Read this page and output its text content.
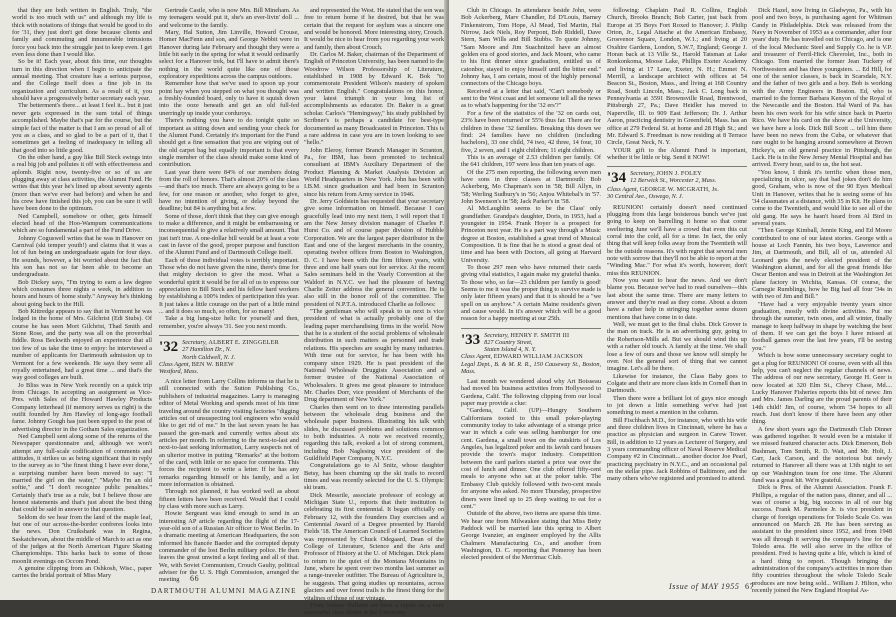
that they are both written in English. Truly, "the world is too much with us" and although my life is thick with notations of things that would be good to do for '31, they just don't get done because clients and family and commuting and innumerable intrusions force you back into the struggle just to keep even. I get even less done than I would like.

So be it! Each year, about this time, our thoughts turn in this direction when I begin to anticipate the annual meeting. That creature has a serious purpose, and the College itself does a fine job in its organization and curriculum. As a result of it, you should have a progressively better secretary each year.

The betterment's there... at least I feel it... but it just never gets expressed in the sum total of things accomplished. Maybe that's par for the course, but the simple fact of the matter is that I am so proud of all of you as a class, and so glad to be a part of it, that I sometimes get a feeling of inadequacy in telling all that good into so little good.

On the other hand, a guy like Bill Steck swings into a real big job and pollutes it off with effectiveness and aplomb. Right now, twenty-five or so of us are plugging away at class activities, the Alumni Fund. He writes that this year he's lined up about seventy agents (more than we've ever had before) and when he and his crew have finished this job, you can be sure it will have been done to the optimum.

Ned Campbell, somehow or other, gets himself elected head of the Hoo-Wampum communications which are so fundamental a part of the Fund Drive.

Johnny Coguswell writes that he was in Hanover on Carnival (ski temper youth!) and claims that it was a lot of fun being an undergraduate again for four days. He sounds, however, a bit worried about the fact that his son has not so far been able to become an undergraduate.

Bob Dickey says, "I'm trying to earn a law degree which consumes three nights a week, in addition to hours and hours of home study." Anyway he's thinking about going back to the Hill.

Bob Kittredge appears to say that in Vermont he was lodged in the home of Mrs. Gilchrist (Edi Stubs). Of course he has seen Mort Gilchrist, Thad Smith and Stone Rose, and the party was all on the proverbial fiddle. Ross Beckwith enjoyed an experience that all too few of us take the time to enjoy: he interviewed a number of applicants for Dartmouth admission up to Vermont for a few weekends. He says they were all royally entertained, had a great time ... and that's the way good colleges are built.

Jo Bliss was in New York recently on a quick trip from Chicago. In accepting an assignment as Vice-Pres. with Sales of the Howard Hawley Products Company letterhead (if memory serves us right) is the outfit founded by Jim Hawley of long-ago football fame. Johnny Gough has just been upped to the post of advertising director in the Gotham Sales organization.

Ned Campbell sent along some of the returns of the Newspaper questionnaire and, although we won't attempt any full-scale codification of comments and attitudes, it strikes us as being significant that in reply to the survey as to "the finest thing I have ever done," a surprising number have been moved to say: "I married the girl on the water," "Maybe I'm an old softie," and "I don't recognize public penalties." Certainly that's true as a rule, but I believe those are honest statements and that's just about the best thing that could be said in answer to that question.

Seldom do we hear from the land of the maple leaf, but one of our across-the-border confreres looks into the news. Don Cruikshank was in Regina, Saskatchewan, about the middle of March to act as one of the judges at the North American Figure Skating Championships. This harks back to some of those moonlit evenings on Occom Pond.

A genuine clipping from an Oshkosh, Wisc., paper carries the bridal portrait of Miss Mary

Gertrude Castle, who is now Mrs. Bill Mineham. As my teenagers would put it, she's an ever-livin' doll ... and welcome to the family.

Mary, Hal Sutton, Jim Linville, Howard Crouse, Homer MacFenn and son, and George Nebbit were in Hanover during late February and thought they were a little bit early in the spring for what it would ordinarily select for a Hanover trek, but I'll have to admit there's nothing in the world quite like one of those exploratory expeditions across the campus outdoors.

Remember how that we've used to spoon up your point hay when you stepped on what you thought was a freshly-founded board, only to have it squish down into the ooze beneath and get an old full-fed unerringly up inside your corduroys.

There's nothing you have to do tonight quite so important as sitting down and sending your check for the Alumni Fund. Certainly it's important for the Fund should get a fine sensation that you are wiping out of the old carpet bag but equally important is that every single member of the class should make some kind of contribution.

Last year there were 84% of our members doing from the roll of honors. That's almost 20% of the class—and that's too much. There are always going to be a few, for one reason or another, who forget to give, have no intention of giving, or delay beyond the deadline; but 84 is anything but a few.

Some of those, don't think that they can give enough to make a difference, and it might be embarrassing or inconsequential to give a relatively small amount. That just isn't true. A one-dollar bill would be at least a vote cast in favor of the good, proper purpose and function of the Alumni Fund and of Dartmouth College itself.

Each of those individual votes is terribly important. Those who do not have given the nine, there's time for that mighty decision to give the most. What a wonderful spirit it would be for all of us to express our appreciation to Bill Steck and his fellow hard workers by establishing a 100% index of participation this year. It just takes a little courage on the part of a little mind ... and it does so much, so often, for so many!

Take a big lung-size helic for yourself and then, remember, you're always '31. See you next month.

'32 Secretary, ALBERT E. ZINGGELER
27 Hamilton Dr., N.
North Caldwell, N. J.
Class Agent, BEN W. BREW
Westford, Mass.

A nice letter from Larry Collins informs us that he is still connected with the Sutton Publishing Co., publishers of industrial magazines. Larry is managing editor of Metal Working and spends most of his time traveling around the country visiting factories "digging articles out of unsuspecting tool engineers who would like to get rid of me." In the last seven years he has passed the gon-mark and currently writes about six articles per month. In referring to the next-to-last and next-to-last seeking information, Larry suspects not of an ulterior motive in putting "Remarks" at the bottom of the card, with little or no space for comments. This forces the recipient to write a letter. If he has any remarks regarding himself or his family, and a lot more information is obtained.

Through not planned, it has worked well as about fifteen letters have been received. Would that I could by class with more such as Larry.

Howie Sergeant was kind enough to send in an interesting AP article regarding the flight of the 17-year-old son of a Russian Air officer to West Berlin. In a dramatic meeting at American Headquarters, the son informed his fiancée Baeder and the corrupted deputy commander of the lost Berlin military police. He then leaves the great unwind a kept feeling and all of that. We, with Soviet Communism, Crouch Gaulty, political adviser for the U. S. High Commission, arranged the meeting

and represented the West. He stated that the son was free to return home if he desired, but that he was certain that the request for asylum was a sincere one and would be honored. More interesting story, Crouch. It would be nice to hear from you regarding your work and family, then about Crouch.

Dr. Carlos M. Baker, chairman of the Department of English of Princeton University, has been named to the Woodrow Wilson Professorship of Literature, established in 1908 by Edward K. Bok "to commemorate President Wilson's mastery of spoken and written English." Congratulations on this honor, your latest triumph in your long list of accomplishments as educator. Dr. Baker is a great scholar. Carlos's "Hemingway," his study published by Scribner's is perhaps a candidate for best-type documented as many Broadcasted in Princeton. This is a rare address in case you are in town looking to see "hello."

John Eleroy, former Branch Manager in Scranton, Pa., for IBM, has been promoted to technical consultant at IBM's Auxiliary Department of the Product Planning & Market Analysis Division at World Headquarters in New York. John has been with I.B.M. since graduation and had been in Scranton since his return from Army service in 1946.

Dr. Jerry Goldstein has requested that your secretary give some information on himself. Because I can gracefully lead into my next item, I will report that I am the New Jersey division manager of Charles F. Hurst Co. and of course paper division of Hubble Corporation. We are the largest paper distributor in the East and one of the largest merchants in the country, operating twelve offices from Boston to Washington, D. C. I have been with the firm fifteen years, with three and one half years out for service. At the recent Sales seminars held in the Yearly Convention at the Waldorf in N.Y.C. we had the pleasure of having Charlie Zeiter address the general convention. He is also still in the honor roll of the committee. The president of N.P.T.A. introduced Charlie as follows:

"The gentleman who will speak to us next is vice president of what is actually probably one of the leading paper merchandising firms in the world. Now that he is a student of the social problems of wholesale distribution in such matters as personnel and trade relations. His speeches are sought by many industries. With time out for service, he has been with his company since 1929. He is past president of the National Wholesale Druggists Association and a former trustee of the National Association of Wholesalers. It gives me great pleasure to introduce Mr. Charles Dorr, vice president of Merchants of the Drug department of New York."

Charles then went on to draw interesting parallels between the wholesale drug business and the wholesale paper business. Illustrating his talk with slides, he discussed problems and solutions common to both industries. A note we received recently, regarding this talk, evoked a lot of strong comment, including Bob Naglesing vice president of the Guildfield Paper Company, N.Y.C.

Congratulations go to Al Snitz, whose daughter Betsy, has been chuming up the ski trails to record times and was recently selected for the U. S. Olympic ski team.

Dick Messrile, associate professor of ecology at Michigan State U., reports that their institution is celebrating its first centennial. It began officially on February 12, with the founders Day exercises and a Centennial Award of a Degree presented by Harold Fields '18. The American Council of Learned Societies was represented by Chuck Odegaard, Dean of the College of Literature, Science and the Arts and Professor of History at the U. of Michigan. Dick plans to return to the quiet of the Montana Mountains in June, where he spent over two months last summer as a range-traveler outfitter. The Bureau of Agriculture is, he suggests. That going studies up mountains, across glaciers and over forest trails is the finest thing for the vitalines of those of our vintage.

From Johnny Hallerm we have a report on a very successful class dinner at the University

66
DARTMOUTH ALUMNI MAGAZINE

Club in Chicago. In attendance beside John, were Bob Ackerberg, Marv Chandler, Ed D'Louis, Barney Finkenstrom, Tom Hope, Al Mead, Ted Martin, Hal Nirrow, Jack Niels, Roy Perpont, Bob Riddell, Dave Stern, Sam Wills and Bill Stubbs. To quote Johnny, "Sam Moore and Jim Suachnitzel have an almost golden era of good stories, and Jack Mount, who came to his first dinner since graduation, entitled us of catonbor, stayed to enjoy himself until the bitter end." Johnny has, I am certain, most of the highly personal connectors of the Chicago boys.

Received at a letter that said, "Can't somebody or sent to the West coast and let someone tell all the news as to what's happening for the '32 ers'?"

For a few of the statistics of the '32 on cards out, 23% have been returned or 55% thus far. There are for children in these '32 families. Breaking this down we find: 24 families have no children (including bachelors), 33 one child, 74 two, 42 three, 14 four, 10 five, 2 seven, and 1 eight children; 11 eight children.

This is an average of 2.53 children per family. Of the 641 children, 197 were less than ten years of age.

Of the 275 men reporting, the following seven men have sons in three classes at Dartmouth: Bob Ackerberg, Mo Chapman's son in '58; Bill Allyn, in '58; Werling Sudbury's in '56; Anjou Whitebal's in '57. John Swenson's in '58; Jack Parker's in '58.

Al McLaughlin seems to be the Class' only grandfather. Grandpa's daughter, Doris, in 1953, had a youngster in 1954. Frank Hoyer is a prospect for Princeton next year. He is a part way through a Music degree at Boston, established a great trend of Musical Composition. It is fine that he is stood a great deal of time and has been with Doctors, all going at Harvard University.

To those 297 men who have returned their cards giving vital statistics, I again make my grateful thanks. To those who, so far—23 children per family is good! Seems to me it was the proper thing to survive made is only later fifteen years) and that it is should be a "we spell on us anyhow." A certain Maine resident's given and cause would. In it's answer which will be a good reason for a happy meeting at our 25th.

'33 Secretary, HENRY F. SMITH III
827 Country Street,
Staten Island 4, N. Y.
Class Agent, EDWARD WILLIAM JACKSON
Legal Dept., B. & M. R. R., 150 Causeway St., Boston, Mass.

Last month we wondered aloud why Art Boisseau had moved his business activities from Hollywood to Gardena, Calif. The following clipping from our local paper may provide a clue:

"Gardena, Calif. (UP)—Hungry Southern Californians tooted to this small poker-playing community today to take advantage of a strange price war in which a cafe was selling hamburger for one cent. Gardena, a small town on the outskirts of Los Angeles, has legalized poker and its lavish card houses provide the town's major industry. Competition between the card parlors started a price war over the cost of lunch and dinner. One club offered fifty-cent meals to anyone who sat at the poker table. The Embassy Club quickly followed with two-cent meals for anyone who asked. No more Thursday, prospective diners were lined up to 25 deep waiting to eat for a cent."

Outside of the above, two items are sparse this time. We hear one from Milwaukee stating that Miss Betty Paddock will be married late this spring to Albert George Ivanzier, an engineer employed by the Allis Chalmers Manufacturing Co., and another from Washington, D. C. reporting that Pomeroy has been elected president of the Merrimac Club.

following: Chaplain Paul R. Collins, English Church, Brooks Branch; Bob Carter, just back from Europe at 35 Boys Fort Roxed to Hanover; J. Philip Orton, Jr., Legal Attache at the American Embassy, Grosvenor Square, London, W.1.; and living at 20 Oxshire Gardens, London, S.W.7, England; George J. Horan back at 13 Ville St., Harold Tatsman at Lake Ronkonkoma, Moose Lake, Phillips Exeter Academy and living at 17 Lane, Exeter, N. H.; Emmet N. Merrill, a landscape architect with offices at 54 Beacon St., Boston, Mass., and living at 168 Country Road, South Lincoln, Mass.; Jack C. Long back in Pennsylvania at 3591 Brownsville Road, Brentwood, Pittsburgh 27, Pa.; Dave Heidler has moved to Naperville, Ill. to 909 East Jefferson; Dr. J. Arthur Aaron, practicing dentistry in Greenfield, Mass. has an office at 279 Federal St. at home and 28 High St.; and Mr. Edward S. Freedman is now residing at 8 Terrace Circle, Great Neck, N. Y.

YOUR gift to the Alumni Fund is important, whether it be little or big. Send it NOW!

'34 Secretary, JOHN J. FOLEY
12 Berwick St., Worcester 2, Mass.
Class Agent, GEORGE W. MCGRATH, Jr.
30 Central Ave., Oswego, N. J.

REUNION! certainly doesn't need continued plugging from this large boisterous bunch we've just going to keep on barrelling it home so that come sweltering June we'll have a crowd that even this cut corral into the cold, all for a time. In fact, the only thing that will keep folks away from the Twentieth will be the outside reasons. It's with regret that several men note with sorrow that they'll not be able to report at the "Winding Mac." For what it's worth, however, don't miss this REUNION.

Now you want to hear the news. And we don't blame you. Because we've had to read ourselves—this last about the same time. There are many letters to answer and they're read as they come. About a dozen have a rather help in stringing together some dozen mentions that have come in to date.

Well, we must get to the final clubs. Dick Grover is the man on track. He is an advertising guy, going to the Robertson-Mills ad. But we should wind this up with a rather old touch. A family at the time. We shall lose a few of ours and those we know will simply be over. Not the general sort of thing that we cannot imagine. Let's all be there.

Likewise for instance, the Class Baby goes to Colgate and their are more class kids in Cornell than in Dartmouth.

Then there were a brilliant lot of guys nice enough to jot down a little something we've had just something to meet a mention in the column.

Bill Fischbach M.D., for instance, who with his wife and three children lives in Cincinnati, where he has a practice as physician and surgeon in Carew Tower. Bill, in addition to 12 years as Lecturer of Surgery, and 3 years commanding officer of Naval Reserve Medical Company #2 in Cincinnati... another doctor Joe Pearl, practicing psychiatry in N.Y.C., and an occasional pal on the stellar pipe. Jack Robbins of Baltimore, and the many others who've registered and promised to attend.

Dick Hazel, now living in Gladwyne, Pa., with his pool and two boys, is purchasing agent for Whitman Candy in Philadelphia. Dick was released from the Navy in November of 1953 as a commander, after four years' duty. He has travelled out to Chicago, and is one of the local Mechanic Steel and Supply Co. he is V.P. and treasurer of Ferril-Hick Chevrolet, Inc., both in Chicago. Tom married the former Jean Tuckery of Northwestern and has three youngsters. ... Ed Hill, for one of the senior classes, is back in Scarsdale, N.Y. and the father of two girls and a boy. Bob is working with the Army Engineers in Boston. Ed, who is married to the former Barbara Kenyon of the Royal of the Newcastle and the Boston. Hal Ward of Pa. has been his own work for his wife since back in Puerto Rico. We have his card on the show at the University, we have here a look. Dick Bill Scott ... tell him there have been no news from the Cuba, or whatever that rare ought to be hanging around somewhere at Brown Hickey's, an old general practice in Pittsburgh, the Lack. He is in the New Jersey Mental Hospital and has arrived. Every hour, said to us, the hot seat.

"You know, I think it's terrific when those men, specializing in ulcer, say that bad jokes don't do him good, Graham, who is now of the 90 Eyes Medical Unit in Hanover, writes that he is seeing some of his '34 classmates at a distance, with 35 in Kit. He plans to come to the Twentieth, and would like to see all of the old gang. He says he hasn't heard from Al Bird in several years.

"Then George Kimball, Jennie King, and Ed Moore contributed to one of our latest stories. George with a house at Loch Fannin, his two boys, Lawrence and Jim, at Dartmouth, and Bill, all of us, attended Al Leonard gets the newly elected president of the Washington alumni, and for all the great friends like Oscar Benton and was in Detroit at the Washington Jet plane factory in Wichita, Kansas. Of course, the Carnegie Rumblings, how he Big had all four '34s in with two of Jim and Bill."

"Have had a very enjoyable twenty years since graduation, mostly with divine activities. Put me through the summer, twin ones, and all winter, finally manage to keep halfway in shape by watching the best of them. If we can get the boys I have missed at football games over the last few years, I'll be seeing you."

Which is how some unnecessary secretary ought to get a plug for REUNION! Of course, even with all this help, you can't neglect the regular channels of news. The address of our new secretary, George H. Geer is now located at 320 Elm St., Chevy Chase, Md.... Lucky Hanover Fisheries reports this bit of news: Jim and Mrs. James Darling are the proud parents of their 14th child! Jim, of course, whom '34 hopes to all reach. Just don't know if there have been any other thing.

A few short years ago the Dartmouth Club Dinner was gathered together. It would even be a mistake if we missed featured character acts. Dick Emerson, Bob Bushman, Tom Smith, R. D. Wait, and Mr. Holt, J. Carr, Jack Carson, and the notorious but newly returned to Hanover all there was at 13th night to set up our Washington team for one time. The Alumni fund was a great hit. We're grateful.

Dick is Pres. of the Alumni Association. Frank F. Phillips, a regular of the nation pass, dinner, and all ... was of course a big, big success in all of our big success. Frank M. Parmelee Jr. is vice president in charge of foreign operations for Toledo Scale Co. was announced on March 28. He has been serving as assistant to the president since 1952, and from 1948 was all through it serving the company's line for the Toledo area. He will also serve in the office of president. Fred is having quite a life, which is kind of a hard thing to report. Though bringing the administration of the company's activities in more than fifty countries throughout the whole Toledo Scale produces are now being sold... William J. Hilton, who recently joined the New England Hospital As-

Issue of MAY 1955 67
